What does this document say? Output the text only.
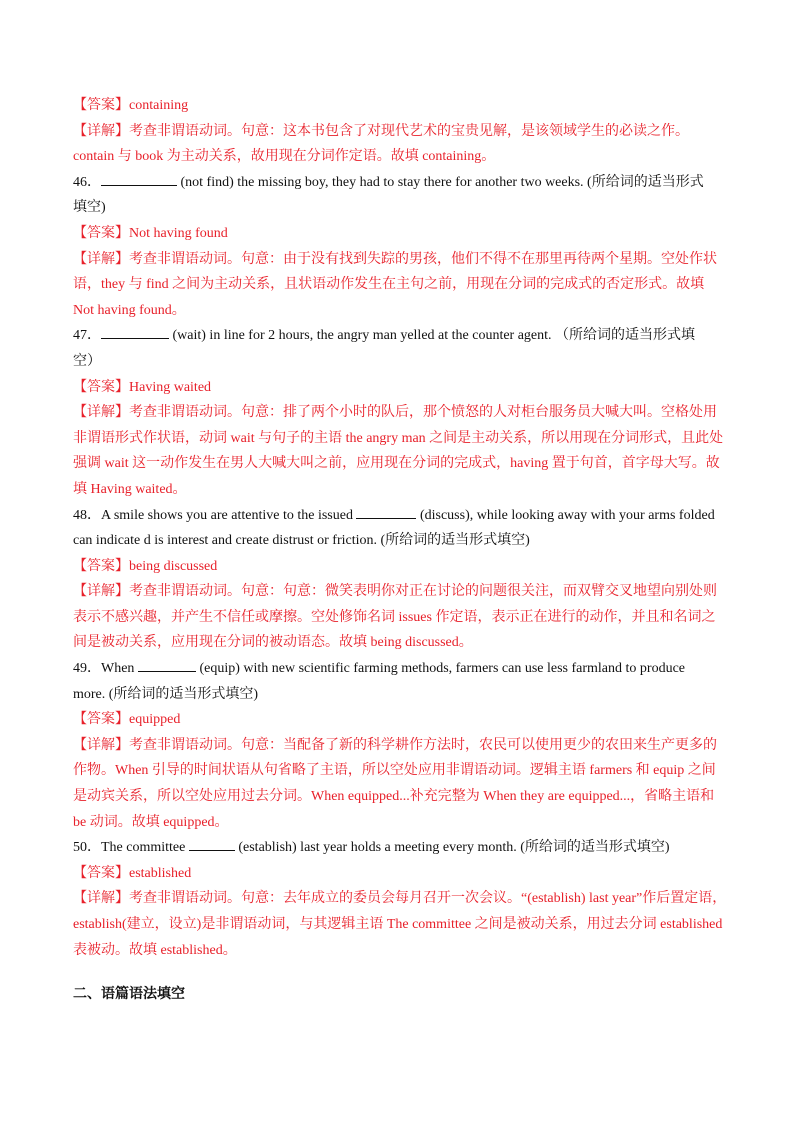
【答案】containing
【详解】考查非谓语动词。句意：这本书包含了对现代艺术的宝贵见解，是该领域学生的必读之作。
contain 与 book 为主动关系，故用现在分词作定语。故填 containing。
46．	(not find) the missing boy, they had to stay there for another two weeks. (所给词的适当形式
填空)
【答案】Not having found
【详解】考查非谓语动词。句意：由于没有找到失踪的男孩，他们不得不在那里再待两个星期。空处作状
语，they 与 find 之间为主动关系，且状语动作发生在主句之前，用现在分词的完成式的否定形式。故填
Not having found。
47．	(wait) in line for 2 hours, the angry man yelled at the counter agent. （所给词的适当形式填
空）
【答案】Having waited
【详解】考查非谓语动词。句意：排了两个小时的队后，那个愤怒的人对柜台服务员大喊大叫。空格处用
非谓语形式作状语，动词 wait 与句子的主语 the angry man 之间是主动关系，所以用现在分词形式，且此处
强调 wait 这一动作发生在男人大喊大叫之前，应用现在分词的完成式，having 置于句首，首字母大写。故
填 Having waited。
48．A smile shows you are attentive to the issued	(discuss), while looking away with your arms folded
can indicate d is interest and create distrust or friction. (所给词的适当形式填空)
【答案】being discussed
【详解】考查非谓语动词。句意：句意：微笑表明你对正在讨论的问题很关注，而双臂交叉地望向别处则
表示不感兴趣，并产生不信任或摩擦。空处修饰名词 issues 作定语，表示正在进行的动作，并且和名词之
间是被动关系，应用现在分词的被动语态。故填 being discussed。
49．When	(equip) with new scientific farming methods, farmers can use less farmland to produce
more. (所给词的适当形式填空)
【答案】equipped
【详解】考查非谓语动词。句意：当配备了新的科学耕作方法时，农民可以使用更少的农田来生产更多的
作物。When 引导的时间状语从句省略了主语，所以空处应用非谓语动词。逻辑主语 farmers 和 equip 之间
是动宾关系，所以空处应用过去分词。When equipped...补充完整为 When they are equipped...，省略主语和
be 动词。故填 equipped。
50．The committee	(establish) last year holds a meeting every month. (所给词的适当形式填空)
【答案】established
【详解】考查非谓语动词。句意：去年成立的委员会每月召开一次会议。“(establish) last year”作后置定语，
establish(建立，设立)是非谓语动词，与其逻辑主语 The committee 之间是被动关系，用过去分词 established
表被动。故填 established。
二、语篇语法填空
